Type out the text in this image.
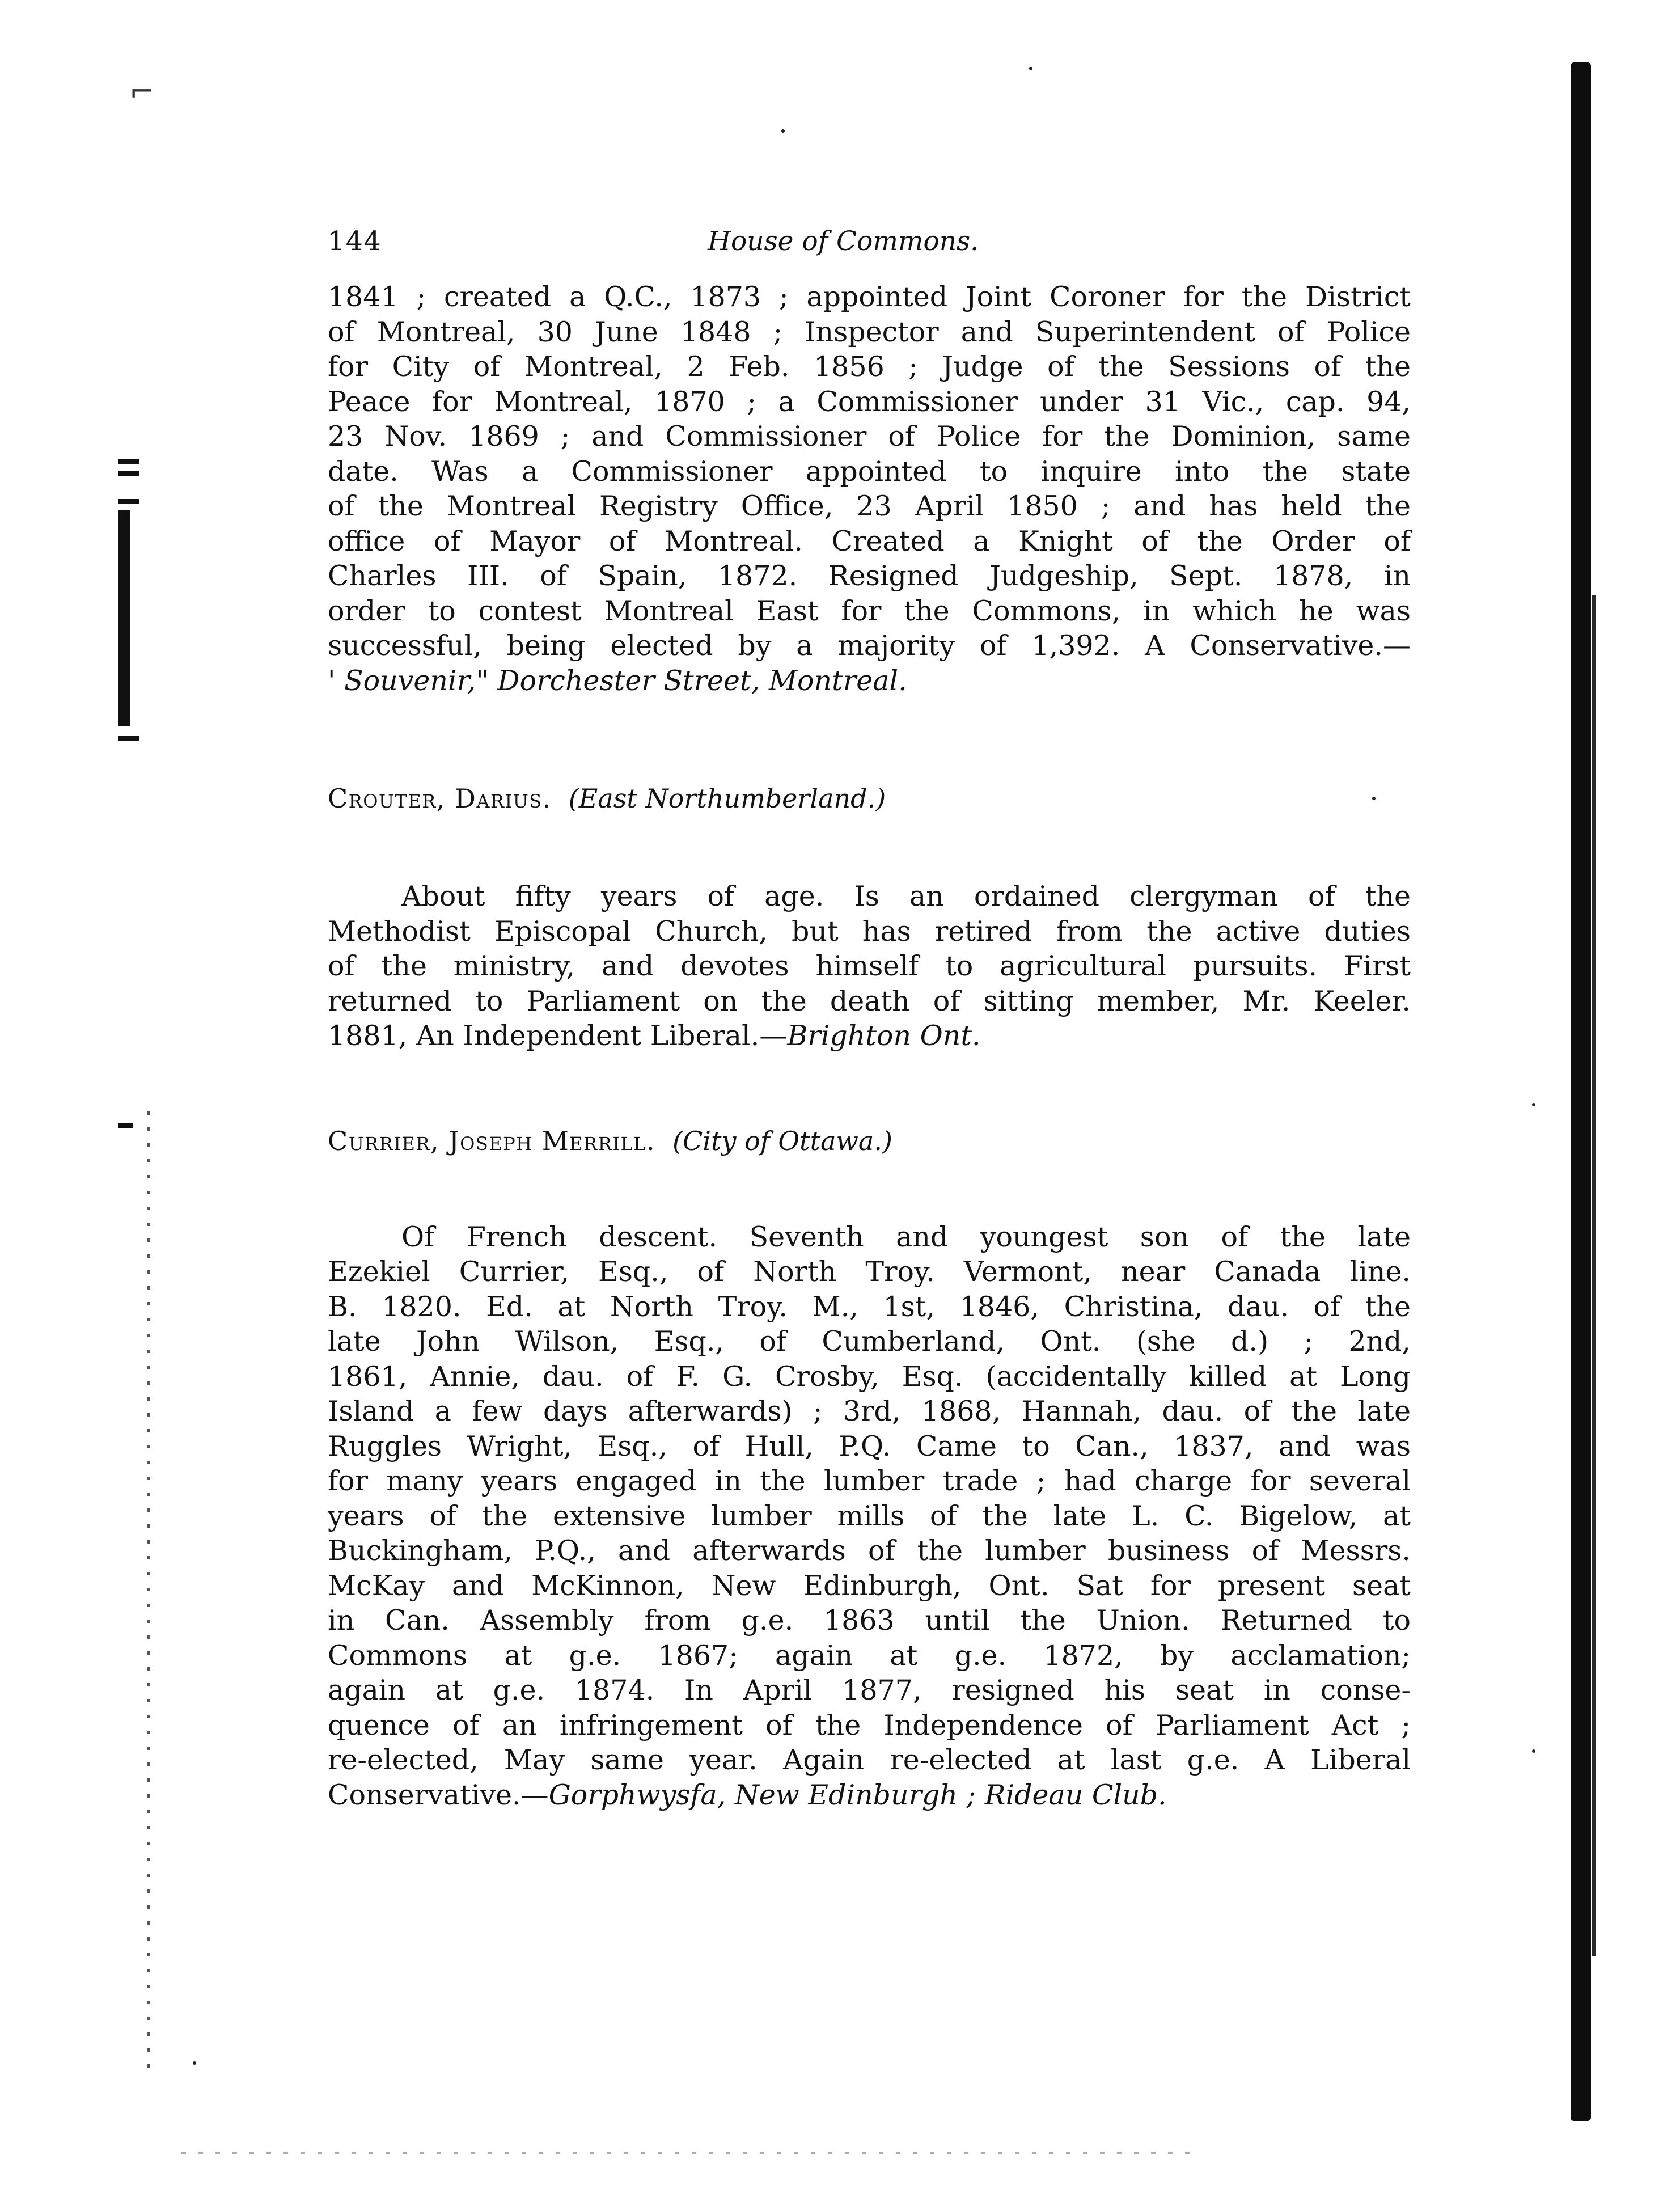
⌐
144	House of Commons.
1841 ; created a Q.C., 1873 ; appointed Joint Coroner for the District
of Montreal, 30 June 1848 ; Inspector and Superintendent of Police
for City of Montreal, 2 Feb. 1856 ; Judge of the Sessions of the
Peace for Montreal, 1870 ; a Commissioner under 31 Vic., cap. 94,
23 Nov. 1869 ; and Commissioner of Police for the Dominion, same
date. Was a Commissioner appointed to inquire into the state
of the Montreal Registry Office, 23 April 1850 ; and has held the
office of Mayor of Montreal. Created a Knight of the Order of
Charles III. of Spain, 1872. Resigned Judgeship, Sept. 1878, in
order to contest Montreal East for the Commons, in which he was
successful, being elected by a majority of 1,392. A Conservative.—
' Souvenir," Dorchester Street, Montreal.

Crouter, Darius. (East Northumberland.)

About fifty years of age. Is an ordained clergyman of the
Methodist Episcopal Church, but has retired from the active duties
of the ministry, and devotes himself to agricultural pursuits. First
returned to Parliament on the death of sitting member, Mr. Keeler.
1881, An Independent Liberal.—Brighton Ont.

Currier, Joseph Merrill. (City of Ottawa.)

Of French descent. Seventh and youngest son of the late
Ezekiel Currier, Esq., of North Troy. Vermont, near Canada line.
B. 1820. Ed. at North Troy. M., 1st, 1846, Christina, dau. of the
late John Wilson, Esq., of Cumberland, Ont. (she d.) ; 2nd,
1861, Annie, dau. of F. G. Crosby, Esq. (accidentally killed at Long
Island a few days afterwards) ; 3rd, 1868, Hannah, dau. of the late
Ruggles Wright, Esq., of Hull, P.Q. Came to Can., 1837, and was
for many years engaged in the lumber trade ; had charge for several
years of the extensive lumber mills of the late L. C. Bigelow, at
Buckingham, P.Q., and afterwards of the lumber business of Messrs.
McKay and McKinnon, New Edinburgh, Ont. Sat for present seat
in Can. Assembly from g.e. 1863 until the Union. Returned to
Commons at g.e. 1867; again at g.e. 1872, by acclamation;
again at g.e. 1874. In April 1877, resigned his seat in conse-
quence of an infringement of the Independence of Parliament Act ;
re-elected, May same year. Again re-elected at last g.e. A Liberal
Conservative.—Gorphwysfa, New Edinburgh ; Rideau Club.
